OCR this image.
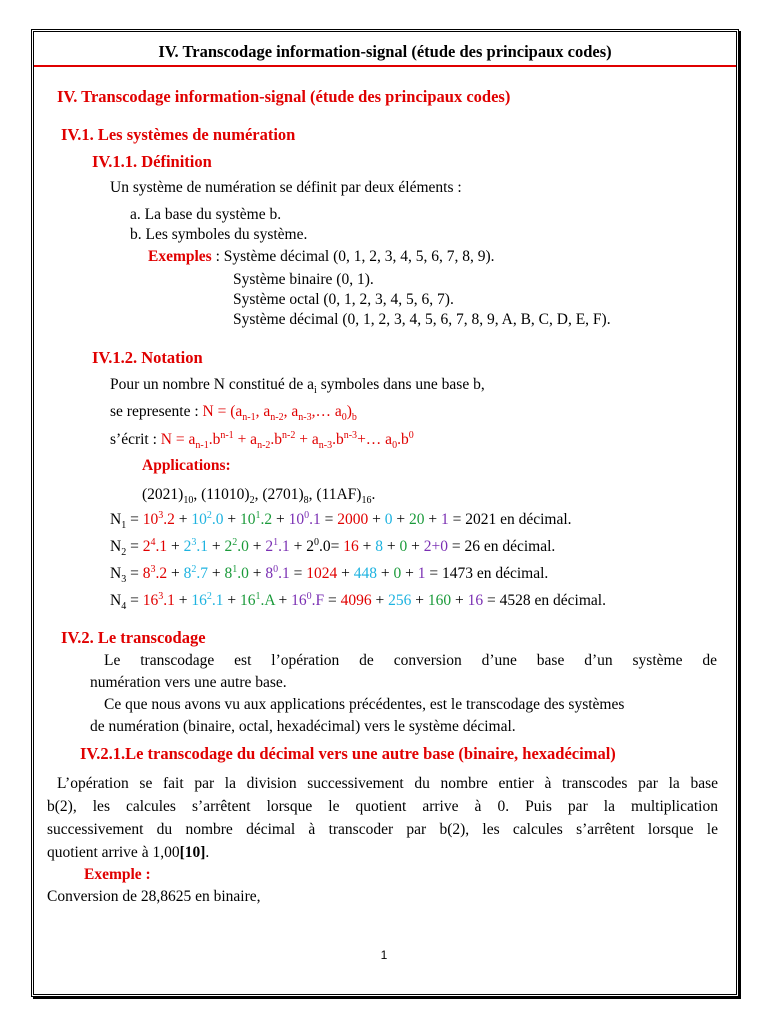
IV. Transcodage information-signal (étude des principaux codes)
IV. Transcodage information-signal (étude des principaux codes)
IV.1. Les systèmes de numération
IV.1.1. Définition
Un système de numération se définit par deux éléments :
a. La base du système b.
b. Les symboles du système.
Exemples : Système décimal (0, 1, 2, 3, 4, 5, 6, 7, 8, 9).
Système binaire (0, 1).
Système octal (0, 1, 2, 3, 4, 5, 6, 7).
Système décimal (0, 1, 2, 3, 4, 5, 6, 7, 8, 9, A, B, C, D, E, F).
IV.1.2. Notation
Pour un nombre N constitué de $a_i$ symboles dans une base b,
se represente : $N = (a_{n-1}$, $a_{n-2}$, $a_{n-3},\dots$ $a_0)_b$
s’écrit : $N = a_{n-1}.b^{n-1} + a_{n-2}.b^{n-2}$ + $a_{n-3}.b^{n-3}+\dots$ $a_0.b^0$
Applications:
$(2021)_{10}$, $(11010)_2$, $(2701)_8$, $(11AF)_{16}$.
$N_1 = 10^3.2 + 10^2.0 + 10^1.2 + 10^0.1 = 2000 + 0 + 20 + 1 = 2021$ en décimal.
$N_2 = 2^4.1 + 2^3.1 + 2^2.0 + 2^1.1 + 2^0.0= 16 + 8 + 0 + 2+0 = 26$ en décimal.
$N_3 = 8^3.2 + 8^2.7 + 8^1.0 + 8^0.1 = 1024 + 448 + 0 + 1 = 1473$ en décimal.
$N_4 = 16^3.1 + 16^2.1 + 16^1.A + 16^0.F = 4096 + 256 + 160 + 16 = 4528$ en décimal.
IV.2. Le transcodage
Le transcodage est l’opération de conversion d’une base d’un système de
numération vers une autre base.
Ce que nous avons vu aux applications précédentes, est le transcodage des systèmes
de numération (binaire, octal, hexadécimal) vers le système décimal.
IV.2.1.Le transcodage du décimal vers une autre base (binaire, hexadécimal)
L’opération se fait par la division successivement du nombre entier à transcodes par la base
b(2), les calcules s’arrêtent lorsque le quotient arrive à 0. Puis par la multiplication
successivement du nombre décimal à transcoder par b(2), les calcules s’arrêtent lorsque le
quotient arrive à 1,00[10].
Exemple :
Conversion de 28,8625 en binaire,
1
